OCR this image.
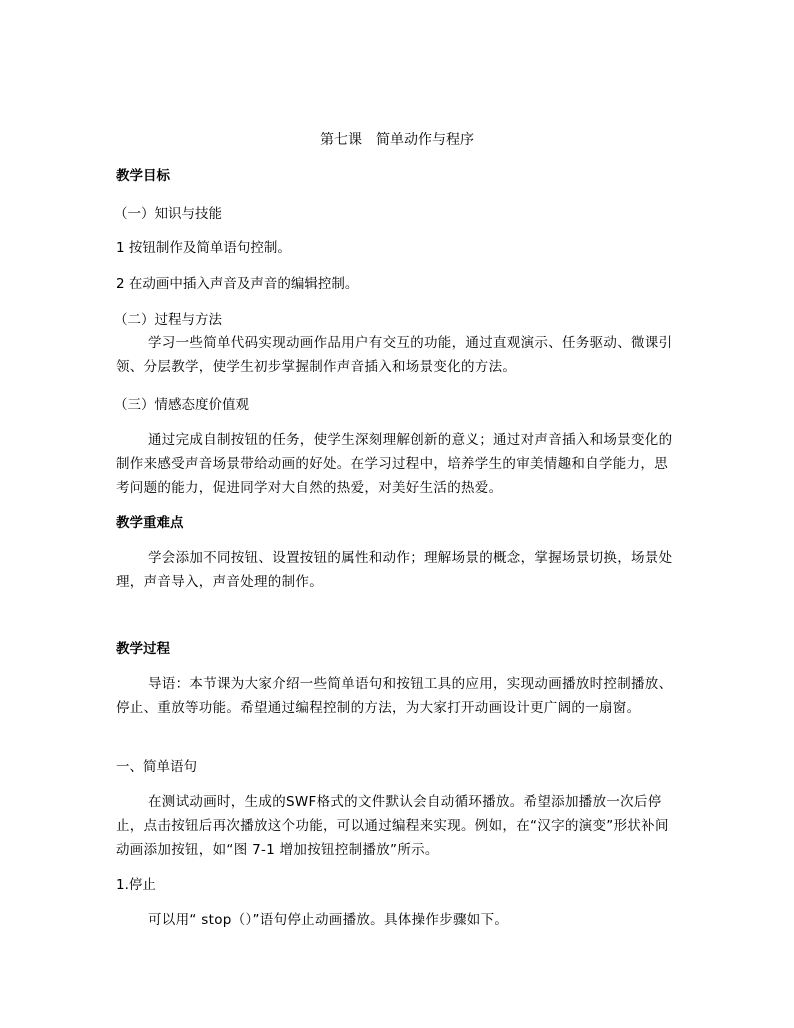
第七课　简单动作与程序
教学目标
（一）知识与技能
1 按钮制作及简单语句控制。
2 在动画中插入声音及声音的编辑控制。
（二）过程与方法
学习一些简单代码实现动画作品用户有交互的功能，通过直观演示、任务驱动、微课引领、分层教学，使学生初步掌握制作声音插入和场景变化的方法。
（三）情感态度价值观
通过完成自制按钮的任务，使学生深刻理解创新的意义；通过对声音插入和场景变化的制作来感受声音场景带给动画的好处。在学习过程中，培养学生的审美情趣和自学能力，思考问题的能力，促进同学对大自然的热爱，对美好生活的热爱。
教学重难点
学会添加不同按钮、设置按钮的属性和动作；理解场景的概念，掌握场景切换，场景处理，声音导入，声音处理的制作。
教学过程
导语：本节课为大家介绍一些简单语句和按钮工具的应用，实现动画播放时控制播放、停止、重放等功能。希望通过编程控制的方法，为大家打开动画设计更广阔的一扇窗。
一、简单语句
在测试动画时，生成的SWF格式的文件默认会自动循环播放。希望添加播放一次后停止，点击按钮后再次播放这个功能，可以通过编程来实现。例如，在“汉字的演变”形状补间动画添加按钮，如“图 7-1 增加按钮控制播放”所示。
1.停止
可以用“ stop（）”语句停止动画播放。具体操作步骤如下。
